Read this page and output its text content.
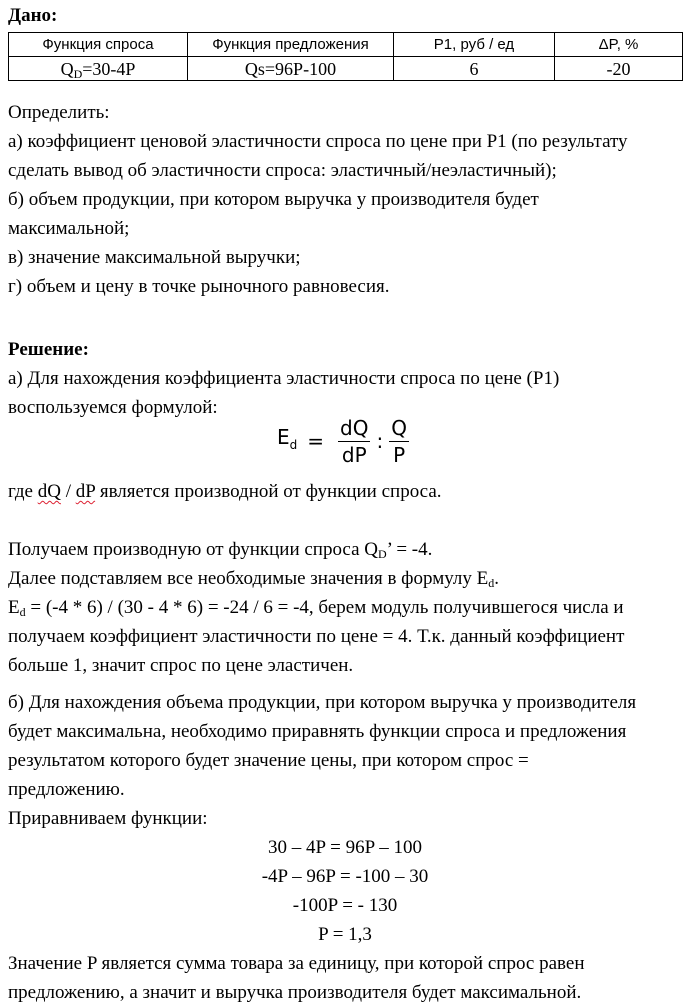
Дано:

Функция спроса	Функция предложения	P1, руб / ед	ΔP, %
$Q_D=30-4P$	Qs=96P-100	6	-20

Определить:

а) коэффициент ценовой эластичности спроса по цене при P1 (по результату

сделать вывод об эластичности спроса: эластичный/неэластичный);

б) объем продукции, при котором выручка у производителя будет

максимальной;

в) значение максимальной выручки;

г) объем и цену в точке рыночного равновесия.

Решение:

а) Для нахождения коэффициента эластичности спроса по цене (P1)

воспользуемся формулой:

$E_d = \frac{dQ}{dP}$ : $\frac{Q}{P}$

где dQ / dP является производной от функции спроса.

Получаем производную от функции спроса $Q_D$’ = -4.

Далее подставляем все необходимые значения в формулу $E_d$.

$E_d = (-4 * 6) / (30 - 4 * 6) = -24 / 6 = -4$, берем модуль получившегося числа и

получаем коэффициент эластичности по цене = 4. Т.к. данный коэффициент

больше 1, значит спрос по цене эластичен.

б) Для нахождения объема продукции, при котором выручка у производителя

будет максимальна, необходимо приравнять функции спроса и предложения

результатом которого будет значение цены, при котором спрос =

предложению.

Приравниваем функции:

30 – 4P = 96P – 100

-4P – 96P = -100 – 30

-100P = - 130

P = 1,3

Значение P является сумма товара за единицу, при которой спрос равен

предложению, а значит и выручка производителя будет максимальной.
